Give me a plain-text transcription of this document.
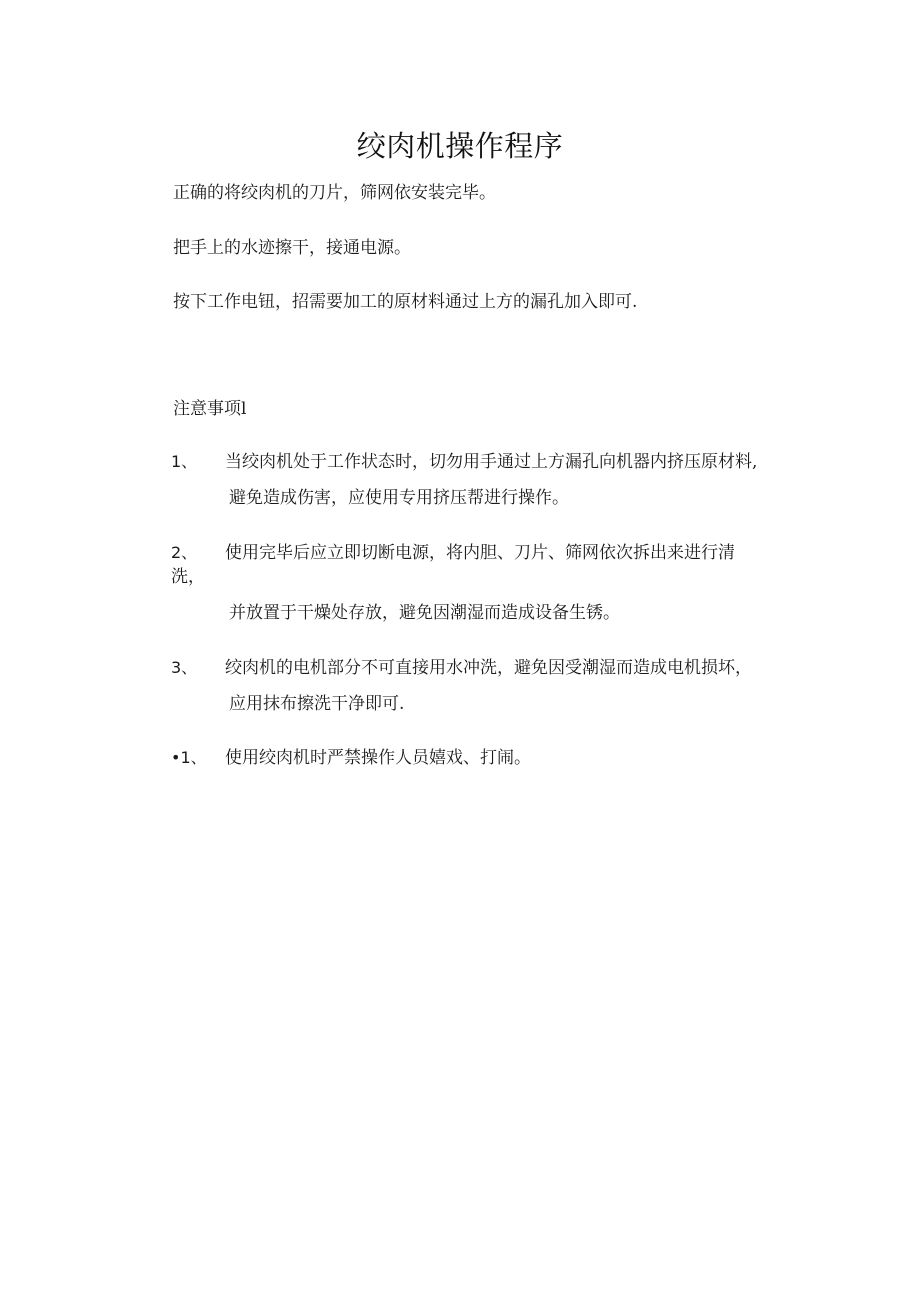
绞肉机操作程序
正确的将绞肉机的刀片，筛网依安装完毕。
把手上的水迹擦干，接通电源。
按下工作电钮，招需要加工的原材料通过上方的漏孔加入即可.
注意事项l
1、 当绞肉机处于工作状态时，切勿用手通过上方漏孔向机器内挤压原材料,
避免造成伤害，应使用专用挤压帮进行操作。
2、 使用完毕后应立即切断电源，将内胆、刀片、筛网依次拆出来进行清
洗，
并放置于干燥处存放，避免因潮湿而造成设备生锈。
3、 绞肉机的电机部分不可直接用水冲洗，避免因受潮湿而造成电机损坏，
应用抹布擦洗干净即可.
•1、 使用绞肉机时严禁操作人员嬉戏、打闹。
